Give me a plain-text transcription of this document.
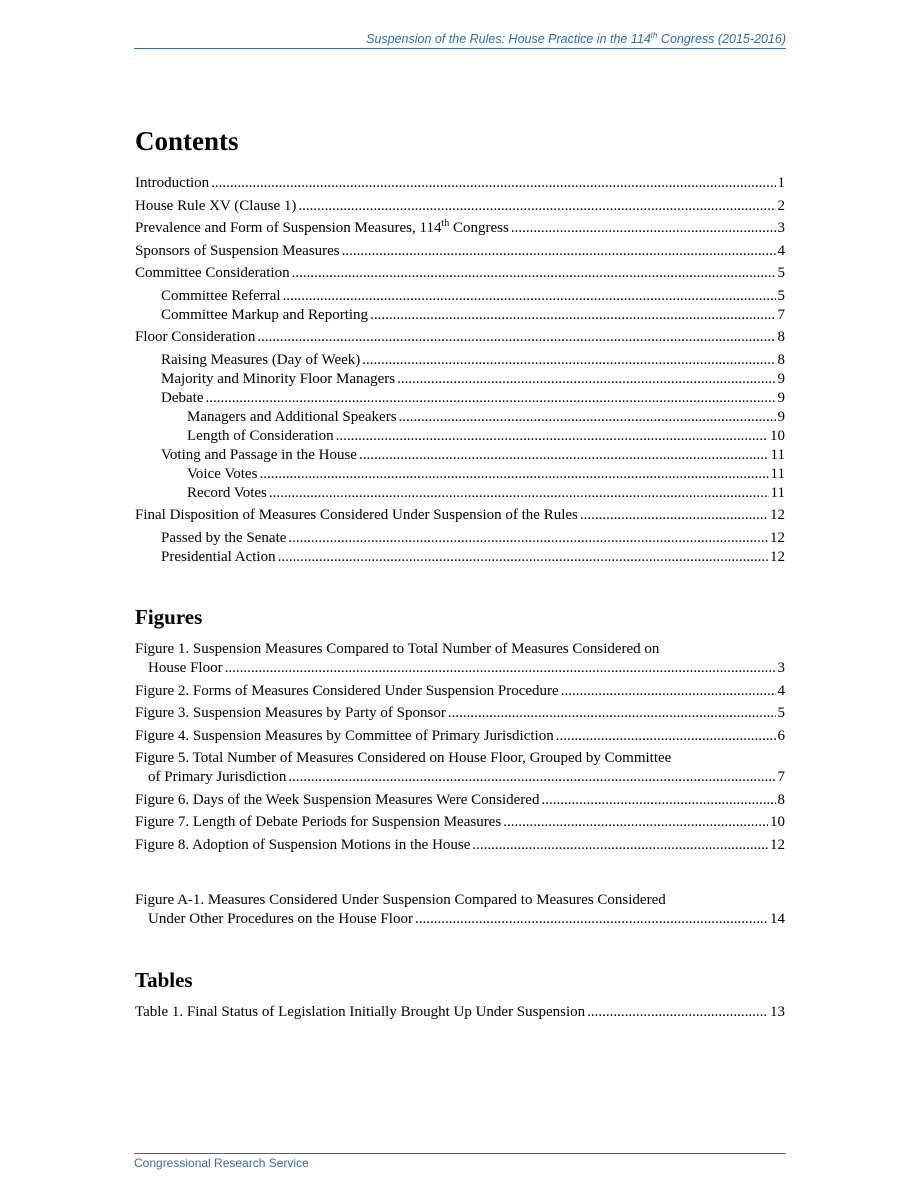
Suspension of the Rules: House Practice in the 114th Congress (2015-2016)
Contents
Introduction .....	1
House Rule XV (Clause 1) .....	2
Prevalence and Form of Suspension Measures, 114th Congress .....	3
Sponsors of Suspension Measures .....	4
Committee Consideration .....	5
Committee Referral .....	5
Committee Markup and Reporting .....	7
Floor Consideration .....	8
Raising Measures (Day of Week) .....	8
Majority and Minority Floor Managers .....	9
Debate .....	9
Managers and Additional Speakers .....	9
Length of Consideration .....	10
Voting and Passage in the House .....	11
Voice Votes .....	11
Record Votes .....	11
Final Disposition of Measures Considered Under Suspension of the Rules .....	12
Passed by the Senate .....	12
Presidential Action .....	12
Figures
Figure 1. Suspension Measures Compared to Total Number of Measures Considered on
House Floor .....	3
Figure 2. Forms of Measures Considered Under Suspension Procedure .....	4
Figure 3. Suspension Measures by Party of Sponsor .....	5
Figure 4. Suspension Measures by Committee of Primary Jurisdiction .....	6
Figure 5. Total Number of Measures Considered on House Floor, Grouped by Committee
of Primary Jurisdiction .....	7
Figure 6. Days of the Week Suspension Measures Were Considered .....	8
Figure 7. Length of Debate Periods for Suspension Measures .....	10
Figure 8. Adoption of Suspension Motions in the House .....	12
Figure A-1. Measures Considered Under Suspension Compared to Measures Considered
Under Other Procedures on the House Floor .....	14
Tables
Table 1. Final Status of Legislation Initially Brought Up Under Suspension .....	13
Congressional Research Service
